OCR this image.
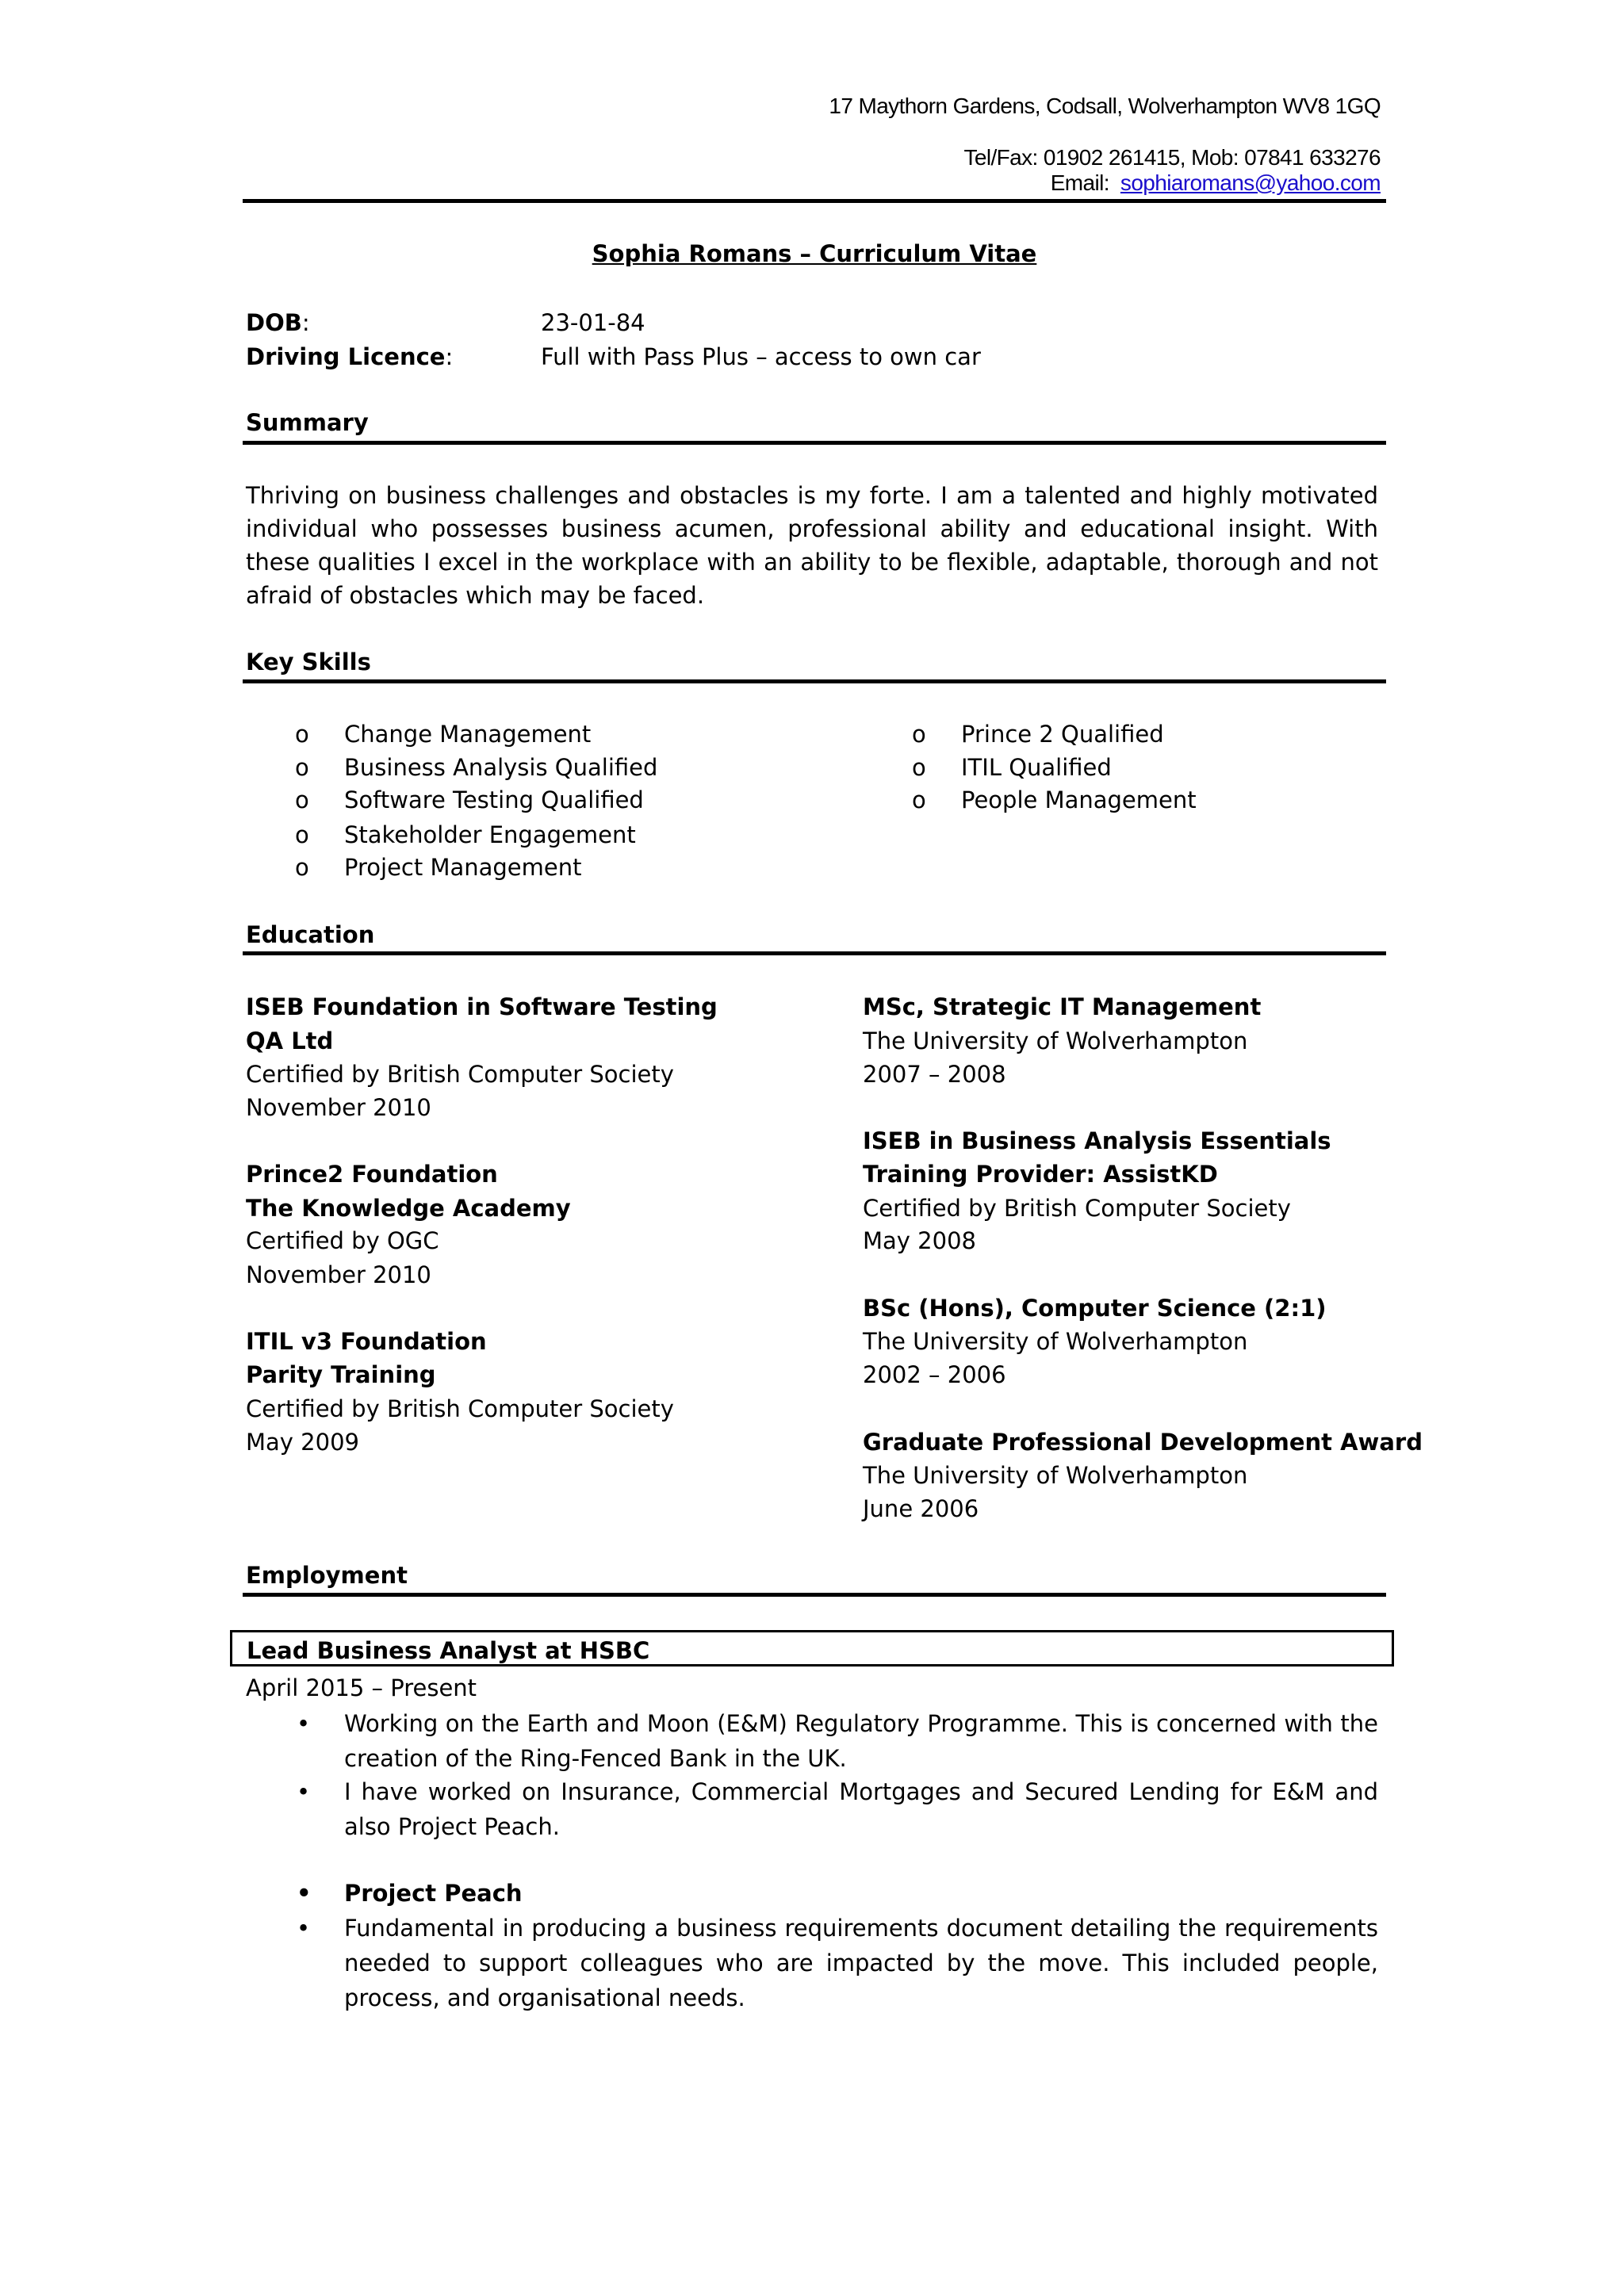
17 Maythorn Gardens, Codsall, Wolverhampton WV8 1GQ
Tel/Fax: 01902 261415, Mob: 07841 633276
Email: sophiaromans@yahoo.com
Sophia Romans – Curriculum Vitae
DOB:	23-01-84
Driving Licence:	Full with Pass Plus – access to own car
Summary
Thriving on business challenges and obstacles is my forte. I am a talented and highly motivated individual who possesses business acumen, professional ability and educational insight. With these qualities I excel in the workplace with an ability to be flexible, adaptable, thorough and not afraid of obstacles which may be faced.
Key Skills
o Change Management
o Business Analysis Qualified
o Software Testing Qualified
o Stakeholder Engagement
o Project Management
o Prince 2 Qualified
o ITIL Qualified
o People Management
Education
ISEB Foundation in Software Testing
QA Ltd
Certified by British Computer Society
November 2010
Prince2 Foundation
The Knowledge Academy
Certified by OGC
November 2010
ITIL v3 Foundation
Parity Training
Certified by British Computer Society
May 2009
MSc, Strategic IT Management
The University of Wolverhampton
2007 – 2008
ISEB in Business Analysis Essentials
Training Provider: AssistKD
Certified by British Computer Society
May 2008
BSc (Hons), Computer Science (2:1)
The University of Wolverhampton
2002 – 2006
Graduate Professional Development Award
The University of Wolverhampton
June 2006
Employment
Lead Business Analyst at HSBC
April 2015 – Present
• Working on the Earth and Moon (E&M) Regulatory Programme. This is concerned with the creation of the Ring-Fenced Bank in the UK.
• I have worked on Insurance, Commercial Mortgages and Secured Lending for E&M and also Project Peach.
• Project Peach
• Fundamental in producing a business requirements document detailing the requirements needed to support colleagues who are impacted by the move. This included people, process, and organisational needs.
